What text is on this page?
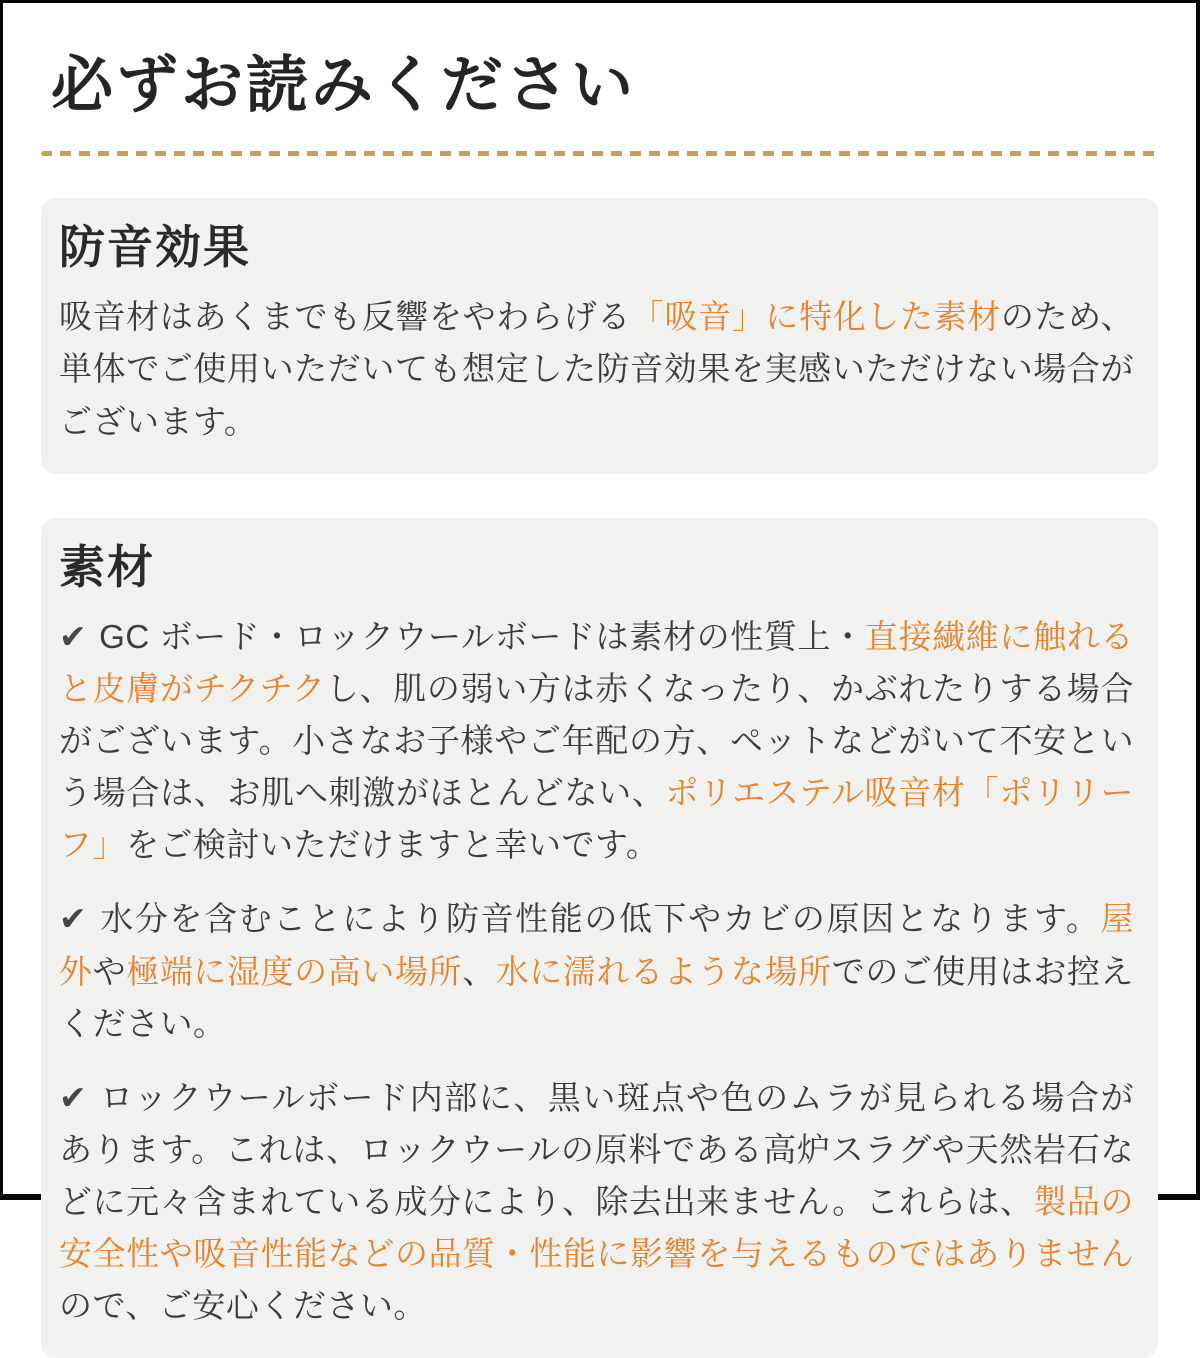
必ずお読みください
防音効果

吸音材はあくまでも反響をやわらげる「吸音」に特化した素材のため、単体でご使用いただいても想定した防音効果を実感いただけない場合がございます。

素材

✔ GC ボード・ロックウールボードは素材の性質上・直接繊維に触れると皮膚がチクチクし、肌の弱い方は赤くなったり、かぶれたりする場合がございます。小さなお子様やご年配の方、ペットなどがいて不安という場合は、お肌へ刺激がほとんどない、ポリエステル吸音材「ポリリーフ」をご検討いただけますと幸いです。

✔ 水分を含むことにより防音性能の低下やカビの原因となります。屋外や極端に湿度の高い場所、水に濡れるような場所でのご使用はお控えください。

✔ ロックウールボード内部に、黒い斑点や色のムラが見られる場合があります。これは、ロックウールの原料である高炉スラグや天然岩石などに元々含まれている成分により、除去出来ません。これらは、製品の安全性や吸音性能などの品質・性能に影響を与えるものではありませんので、ご安心ください。
